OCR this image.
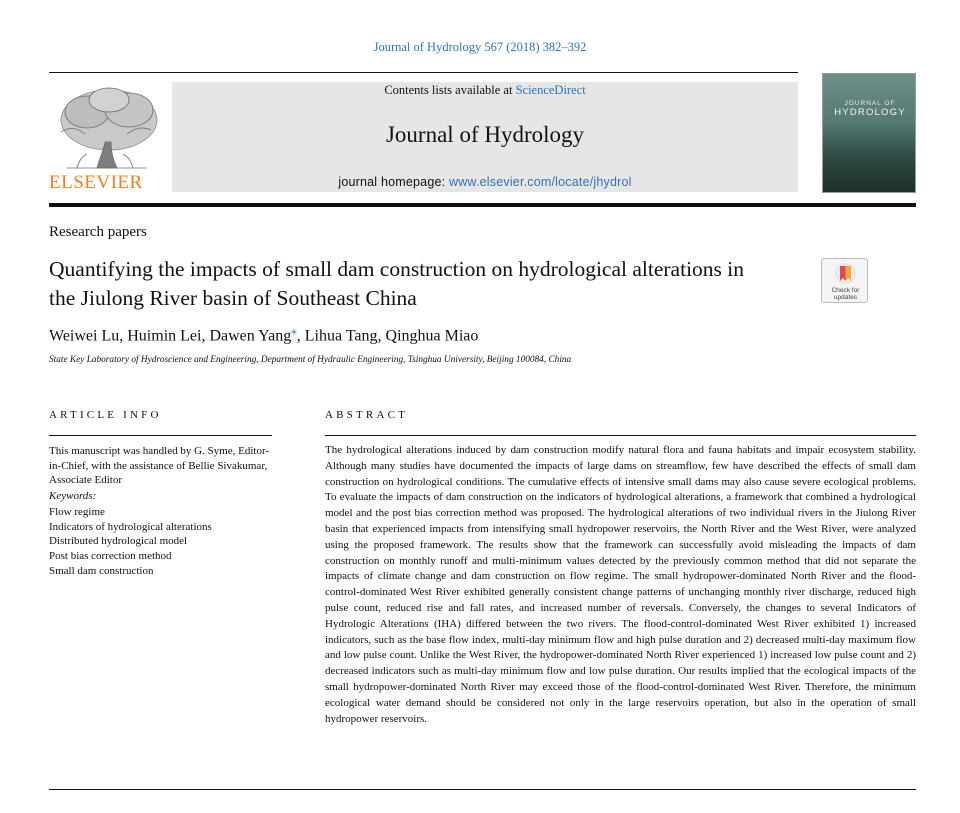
Journal of Hydrology 567 (2018) 382–392
ELSEVIER
Contents lists available at ScienceDirect
Journal of Hydrology
journal homepage: www.elsevier.com/locate/jhydrol
JOURNAL OF
HYDROLOGY
Research papers
Quantifying the impacts of small dam construction on hydrological alterations in the Jiulong River basin of Southeast China	Check for updates
Weiwei Lu, Huimin Lei, Dawen Yang⁎, Lihua Tang, Qinghua Miao
State Key Laboratory of Hydroscience and Engineering, Department of Hydraulic Engineering, Tsinghua University, Beijing 100084, China
ARTICLE INFO	ABSTRACT
This manuscript was handled by G. Syme, Editor-in-Chief, with the assistance of Bellie Sivakumar, Associate Editor
Keywords:
Flow regime
Indicators of hydrological alterations
Distributed hydrological model
Post bias correction method
Small dam construction
The hydrological alterations induced by dam construction modify natural flora and fauna habitats and impair ecosystem stability. Although many studies have documented the impacts of large dams on streamflow, few have described the effects of small dam construction on hydrological conditions. The cumulative effects of intensive small dams may also cause severe ecological problems. To evaluate the impacts of dam construction on the indicators of hydrological alterations, a framework that combined a hydrological model and the post bias correction method was proposed. The hydrological alterations of two individual rivers in the Jiulong River basin that experienced impacts from intensifying small hydropower reservoirs, the North River and the West River, were analyzed using the proposed framework. The results show that the framework can successfully avoid misleading the impacts of dam construction on monthly runoff and multi-minimum values detected by the previously common method that did not separate the impacts of climate change and dam construction on flow regime. The small hydropower-dominated North River and the flood-control-dominated West River exhibited generally consistent change patterns of unchanging monthly river discharge, reduced high pulse count, reduced rise and fall rates, and increased number of reversals. Conversely, the changes to several Indicators of Hydrologic Alterations (IHA) differed between the two rivers. The flood-control-dominated West River exhibited 1) increased indicators, such as the base flow index, multi-day minimum flow and high pulse duration and 2) decreased multi-day maximum flow and low pulse count. Unlike the West River, the hydropower-dominated North River experienced 1) increased low pulse count and 2) decreased indicators such as multi-day minimum flow and low pulse duration. Our results implied that the ecological impacts of the small hydropower-dominated North River may exceed those of the flood-control-dominated West River. Therefore, the minimum ecological water demand should be considered not only in the large reservoirs operation, but also in the operation of small hydropower reservoirs.
